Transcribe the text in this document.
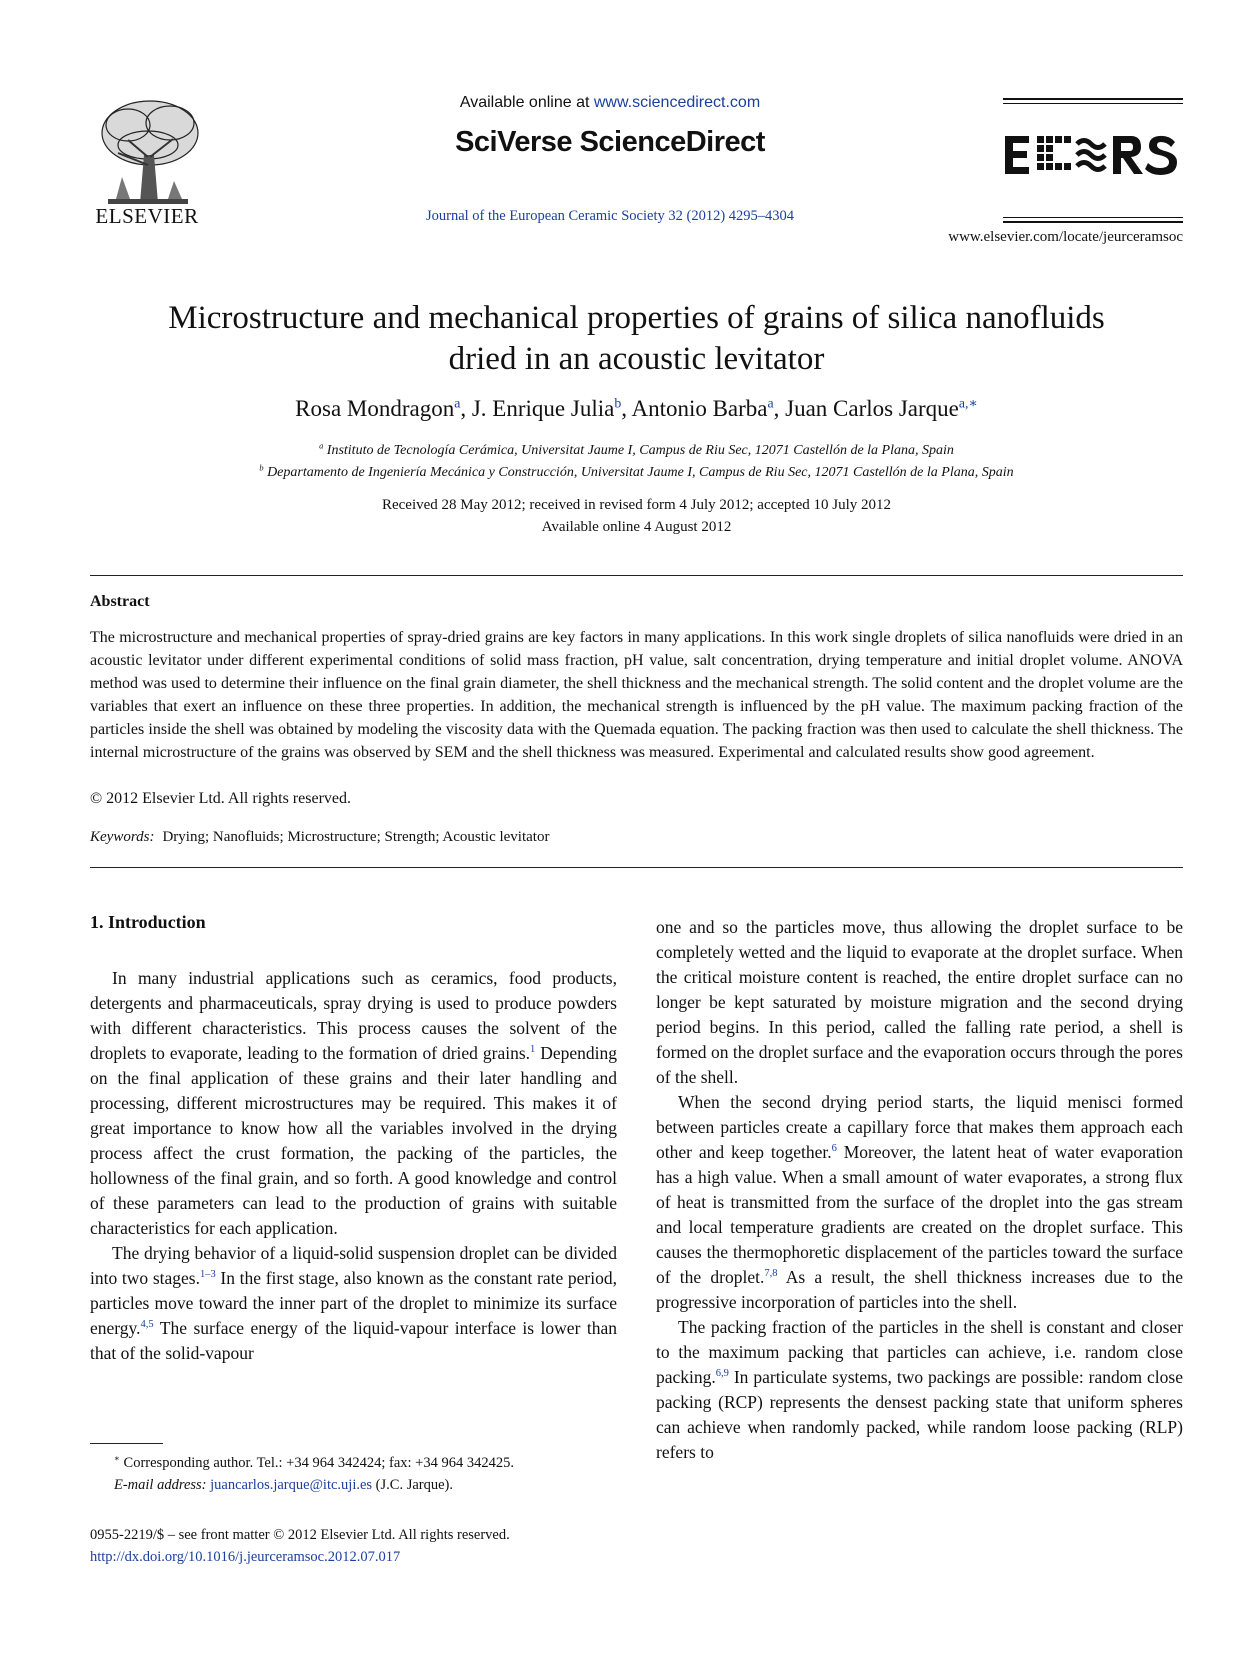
ELSEVIER
Available online at www.sciencedirect.com
SciVerse ScienceDirect
Journal of the European Ceramic Society 32 (2012) 4295–4304
www.elsevier.com/locate/jeurceramsoc
Microstructure and mechanical properties of grains of silica nanofluids
dried in an acoustic levitator
Rosa Mondragon$^a$, J. Enrique Julia$^b$, Antonio Barba$^a$, Juan Carlos Jarque$^{a,∗}$
$^a$ Instituto de Tecnología Cerámica, Universitat Jaume I, Campus de Riu Sec, 12071 Castellón de la Plana, Spain
$^b$ Departamento de Ingeniería Mecánica y Construcción, Universitat Jaume I, Campus de Riu Sec, 12071 Castellón de la Plana, Spain
Received 28 May 2012; received in revised form 4 July 2012; accepted 10 July 2012
Available online 4 August 2012
Abstract
The microstructure and mechanical properties of spray-dried grains are key factors in many applications. In this work single droplets of silica nanofluids were dried in an acoustic levitator under different experimental conditions of solid mass fraction, pH value, salt concentration, drying temperature and initial droplet volume. ANOVA method was used to determine their influence on the final grain diameter, the shell thickness and the mechanical strength. The solid content and the droplet volume are the variables that exert an influence on these three properties. In addition, the mechanical strength is influenced by the pH value. The maximum packing fraction of the particles inside the shell was obtained by modeling the viscosity data with the Quemada equation. The packing fraction was then used to calculate the shell thickness. The internal microstructure of the grains was observed by SEM and the shell thickness was measured. Experimental and calculated results show good agreement.
© 2012 Elsevier Ltd. All rights reserved.
Keywords: Drying; Nanofluids; Microstructure; Strength; Acoustic levitator
1. Introduction

In many industrial applications such as ceramics, food products, detergents and pharmaceuticals, spray drying is used to produce powders with different characteristics. This process causes the solvent of the droplets to evaporate, leading to the formation of dried grains.$^1$ Depending on the final application of these grains and their later handling and processing, different microstructures may be required. This makes it of great importance to know how all the variables involved in the drying process affect the crust formation, the packing of the particles, the hollowness of the final grain, and so forth. A good knowledge and control of these parameters can lead to the production of grains with suitable characteristics for each application.

The drying behavior of a liquid-solid suspension droplet can be divided into two stages.$^{1-3}$ In the first stage, also known as the constant rate period, particles move toward the inner part of the droplet to minimize its surface energy.$^{4,5}$ The surface energy of the liquid-vapour interface is lower than that of the solid-vapour

one and so the particles move, thus allowing the droplet surface to be completely wetted and the liquid to evaporate at the droplet surface. When the critical moisture content is reached, the entire droplet surface can no longer be kept saturated by moisture migration and the second drying period begins. In this period, called the falling rate period, a shell is formed on the droplet surface and the evaporation occurs through the pores of the shell.

When the second drying period starts, the liquid menisci formed between particles create a capillary force that makes them approach each other and keep together.$^6$ Moreover, the latent heat of water evaporation has a high value. When a small amount of water evaporates, a strong flux of heat is transmitted from the surface of the droplet into the gas stream and local temperature gradients are created on the droplet surface. This causes the thermophoretic displacement of the particles toward the surface of the droplet.$^{7,8}$ As a result, the shell thickness increases due to the progressive incorporation of particles into the shell.

The packing fraction of the particles in the shell is constant and closer to the maximum packing that particles can achieve, i.e. random close packing.$^{6,9}$ In particulate systems, two packings are possible: random close packing (RCP) represents the densest packing state that uniform spheres can achieve when randomly packed, while random loose packing (RLP) refers to

∗ Corresponding author. Tel.: +34 964 342424; fax: +34 964 342425.
E-mail address: juancarlos.jarque@itc.uji.es (J.C. Jarque).
0955-2219/$ – see front matter © 2012 Elsevier Ltd. All rights reserved.
http://dx.doi.org/10.1016/j.jeurceramsoc.2012.07.017
